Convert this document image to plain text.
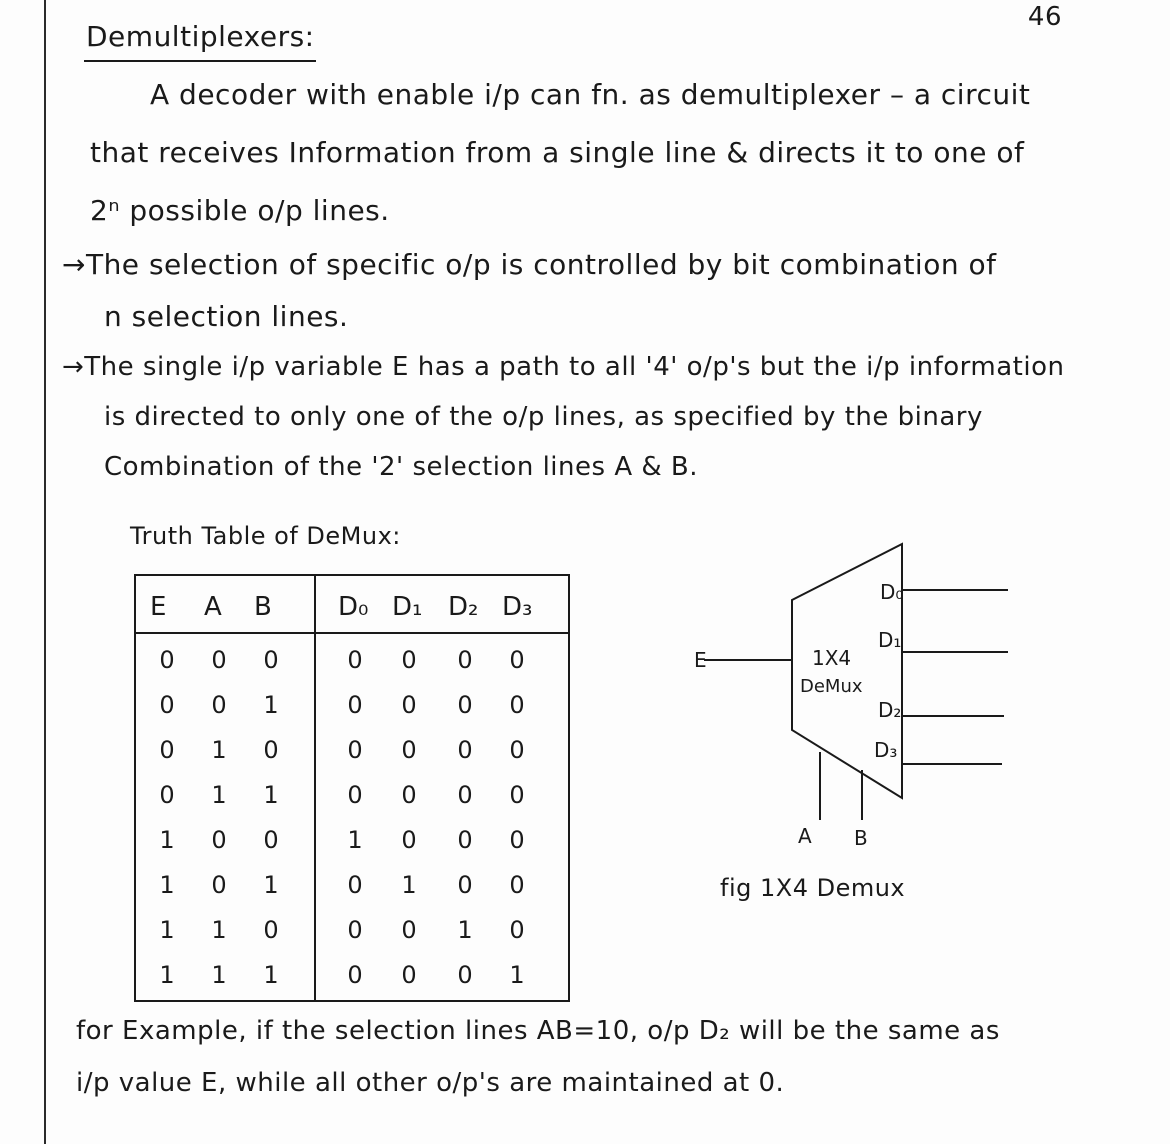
46
Demultiplexers:
A decoder with enable i/p can fn. as demultiplexer – a circuit
that receives Information from a single line & directs it to one of
2ⁿ possible o/p lines.
→The selection of specific o/p is controlled by bit combination of
n selection lines.
→The single i/p variable E has a path to all '4' o/p's but the i/p information
is directed to only one of the o/p lines, as specified by the binary
Combination of the '2' selection lines A & B.
Truth Table of DeMux:
E A B	D₀ D₁ D₂ D₃
0	0	0	0	0	0	0
0	0	1	0	0	0	0
0	1	0	0	0	0	0
0	1	1	0	0	0	0
1	0	0	1	0	0	0
1	0	1	0	1	0	0
1	1	0	0	0	1	0
1	1	1	0	0	0	1
E	1X4
DeMux
D₀
D₁
D₂
D₃
A B
fig 1X4 Demux
for Example, if the selection lines AB=10, o/p D₂ will be the same as
i/p value E, while all other o/p's are maintained at 0.
